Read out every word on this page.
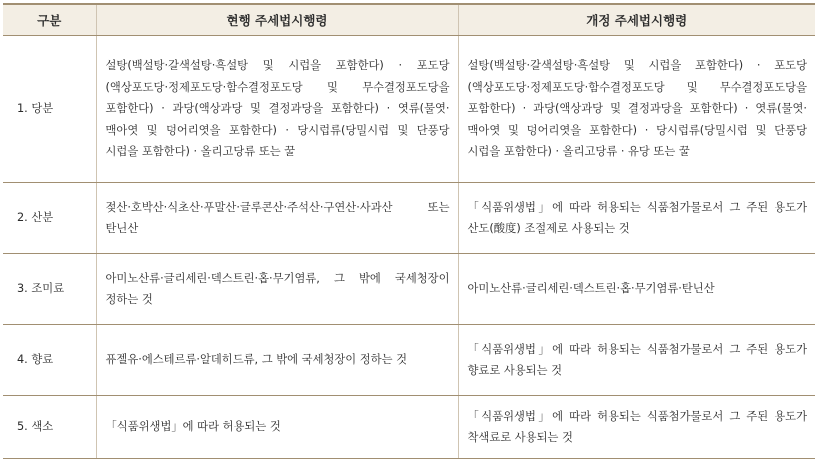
구분	현행 주세법시행령	개정 주세법시행령
1. 당분	설탕(백설탕·갈색설탕·흑설탕 및 시럽을 포함한다) · 포도당(액상포도당·정제포도당·함수결정포도당 및 무수결정포도당을 포함한다) · 과당(액상과당 및 결정과당을 포함한다) · 엿류(물엿·맥아엿 및 덩어리엿을 포함한다) · 당시럽류(당밀시럽 및 단풍당 시럽을 포함한다) · 올리고당류 또는 꿀	설탕(백설탕·갈색설탕·흑설탕 및 시럽을 포함한다) · 포도당(액상포도당·정제포도당·함수결정포도당 및 무수결정포도당을 포함한다) · 과당(액상과당 및 결정과당을 포함한다) · 엿류(물엿·맥아엿 및 덩어리엿을 포함한다) · 당시럽류(당밀시럽 및 단풍당 시럽을 포함한다) · 올리고당류 · 유당 또는 꿀
2. 산분	젖산·호박산·식초산·푸말산·글루콘산·주석산·구연산·사과산 또는 탄닌산	「식품위생법」에 따라 허용되는 식품첨가물로서 그 주된 용도가 산도(酸度) 조절제로 사용되는 것
3. 조미료	아미노산류·글리세린·덱스트린·홉·무기염류, 그 밖에 국세청장이 정하는 것	아미노산류·글리세린·덱스트린·홉·무기염류·탄닌산
4. 향료	퓨젤유·에스테르류·알데히드류, 그 밖에 국세청장이 정하는 것	「식품위생법」에 따라 허용되는 식품첨가물로서 그 주된 용도가 향료로 사용되는 것
5. 색소	「식품위생법」에 따라 허용되는 것	「식품위생법」에 따라 허용되는 식품첨가물로서 그 주된 용도가 착색료로 사용되는 것
